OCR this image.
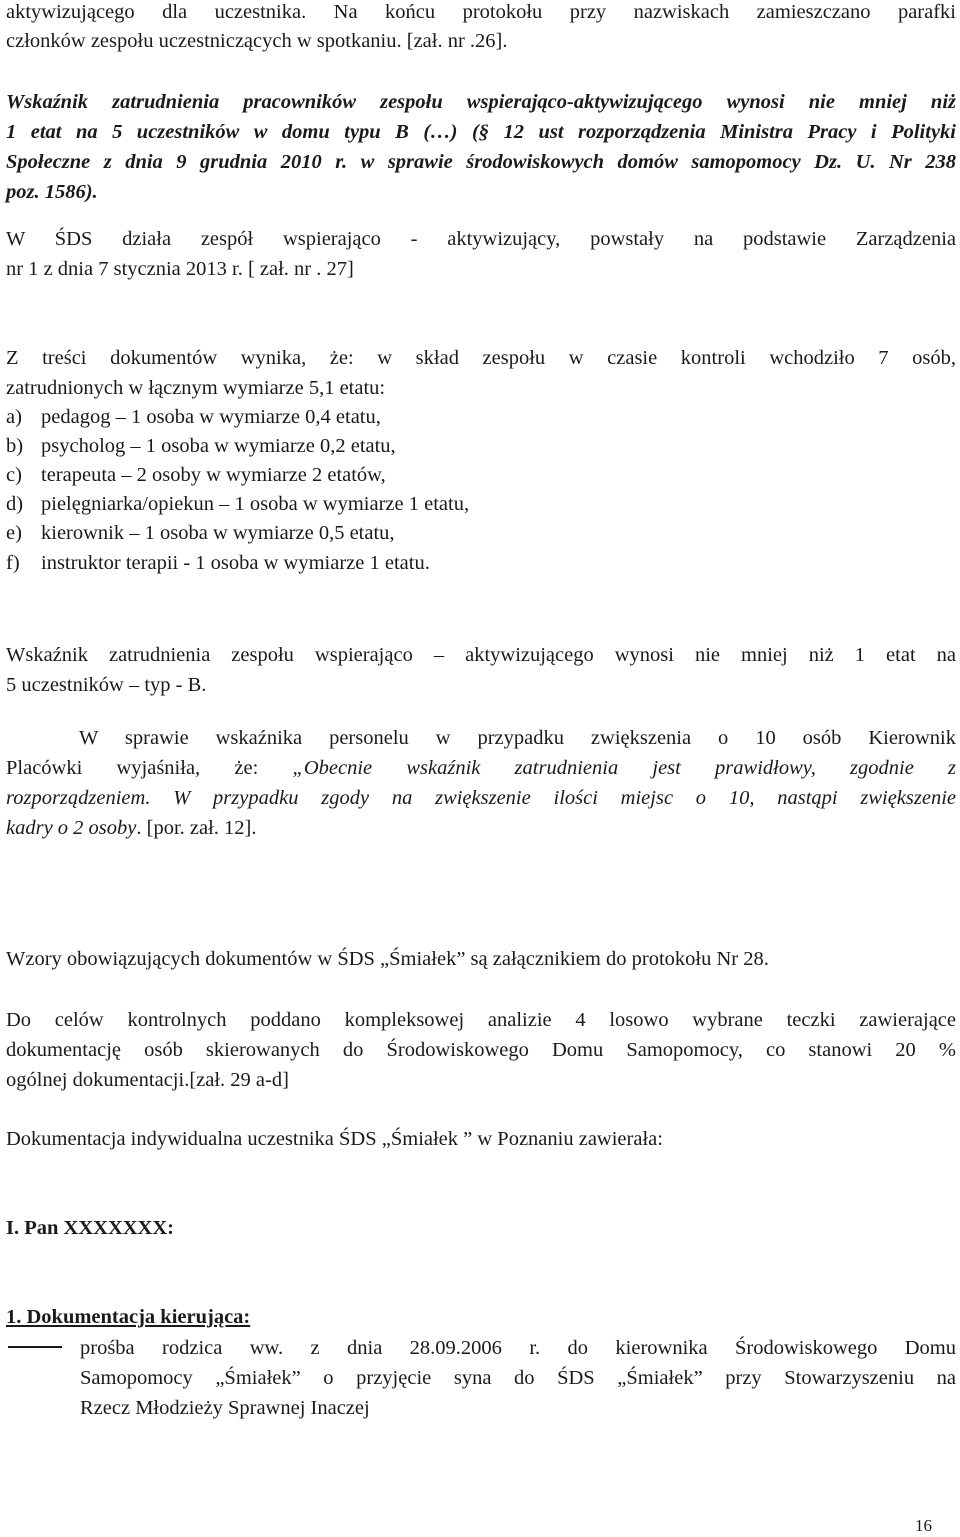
aktywizującego dla uczestnika. Na końcu protokołu przy nazwiskach zamieszczano parafki
członków zespołu uczestniczących w spotkaniu. [zał. nr .26].
Wskaźnik zatrudnienia pracowników zespołu wspierająco-aktywizującego wynosi nie mniej niż
1 etat na 5 uczestników w domu typu B (…) (§ 12 ust rozporządzenia Ministra Pracy i Polityki
Społeczne z dnia 9 grudnia 2010 r. w sprawie środowiskowych domów samopomocy Dz. U. Nr 238
poz. 1586).
W ŚDS działa zespół wspierająco - aktywizujący, powstały na podstawie Zarządzenia
nr 1 z dnia 7 stycznia 2013 r. [ zał. nr . 27]
Z treści dokumentów wynika, że: w skład zespołu w czasie kontroli wchodziło 7 osób,
zatrudnionych w łącznym wymiarze 5,1 etatu:
a) pedagog – 1 osoba w wymiarze 0,4 etatu,
b) psycholog – 1 osoba w wymiarze 0,2 etatu,
c) terapeuta – 2 osoby w wymiarze 2 etatów,
d) pielęgniarka/opiekun – 1 osoba w wymiarze 1 etatu,
e) kierownik – 1 osoba w wymiarze 0,5 etatu,
f) instruktor terapii - 1 osoba w wymiarze 1 etatu.
Wskaźnik zatrudnienia zespołu wspierająco – aktywizującego wynosi nie mniej niż 1 etat na
5 uczestników – typ - B.
W sprawie wskaźnika personelu w przypadku zwiększenia o 10 osób Kierownik
Placówki wyjaśniła, że: „Obecnie wskaźnik zatrudnienia jest prawidłowy, zgodnie z
rozporządzeniem. W przypadku zgody na zwiększenie ilości miejsc o 10, nastąpi zwiększenie
kadry o 2 osoby. [por. zał. 12].
Wzory obowiązujących dokumentów w ŚDS „Śmiałek” są załącznikiem do protokołu Nr 28.
Do celów kontrolnych poddano kompleksowej analizie 4 losowo wybrane teczki zawierające
dokumentację osób skierowanych do Środowiskowego Domu Samopomocy, co stanowi 20 %
ogólnej dokumentacji.[zał. 29 a-d]
Dokumentacja indywidualna uczestnika ŚDS „Śmiałek ” w Poznaniu zawierała:
I. Pan XXXXXXX:
1. Dokumentacja kierująca:
prośba rodzica ww. z dnia 28.09.2006 r. do kierownika Środowiskowego Domu
Samopomocy „Śmiałek” o przyjęcie syna do ŚDS „Śmiałek” przy Stowarzyszeniu na
Rzecz Młodzieży Sprawnej Inaczej
16
